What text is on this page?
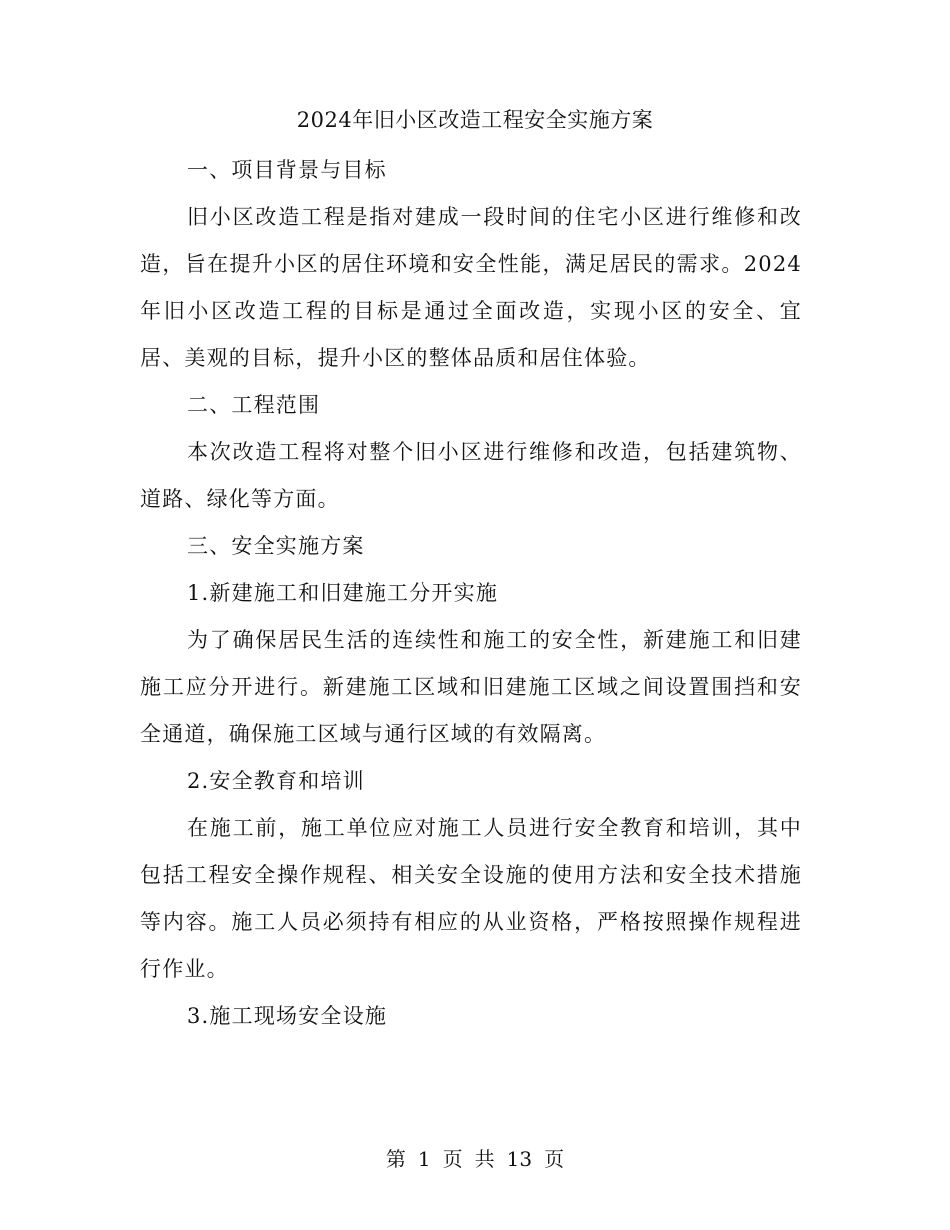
2024年旧小区改造工程安全实施方案

一、项目背景与目标

旧小区改造工程是指对建成一段时间的住宅小区进行维修和改造，旨在提升小区的居住环境和安全性能，满足居民的需求。2024年旧小区改造工程的目标是通过全面改造，实现小区的安全、宜居、美观的目标，提升小区的整体品质和居住体验。

二、工程范围

本次改造工程将对整个旧小区进行维修和改造，包括建筑物、道路、绿化等方面。

三、安全实施方案

1.新建施工和旧建施工分开实施

为了确保居民生活的连续性和施工的安全性，新建施工和旧建施工应分开进行。新建施工区域和旧建施工区域之间设置围挡和安全通道，确保施工区域与通行区域的有效隔离。

2.安全教育和培训

在施工前，施工单位应对施工人员进行安全教育和培训，其中包括工程安全操作规程、相关安全设施的使用方法和安全技术措施等内容。施工人员必须持有相应的从业资格，严格按照操作规程进行作业。

3.施工现场安全设施

第 1 页 共 13 页
